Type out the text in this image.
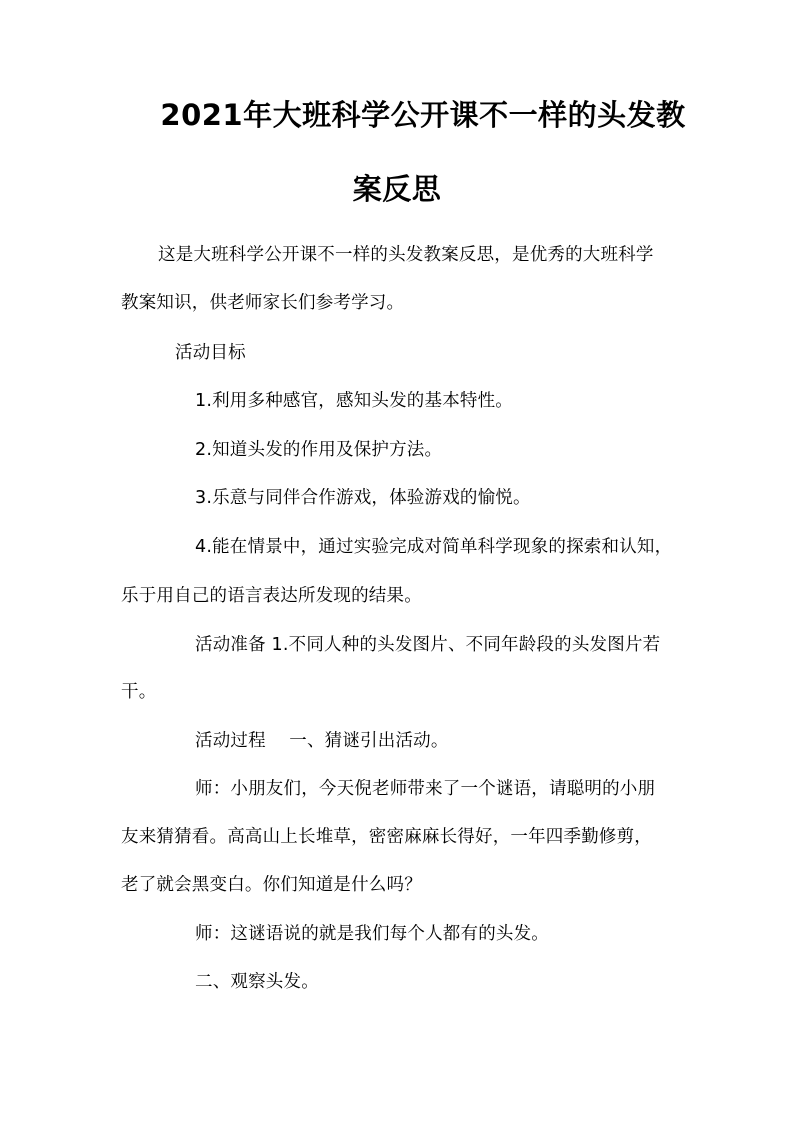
2021年大班科学公开课不一样的头发教
案反思
这是大班科学公开课不一样的头发教案反思，是优秀的大班科学
教案知识，供老师家长们参考学习。
活动目标
1.利用多种感官，感知头发的基本特性。
2.知道头发的作用及保护方法。
3.乐意与同伴合作游戏，体验游戏的愉悦。
4.能在情景中，通过实验完成对简单科学现象的探索和认知，
乐于用自己的语言表达所发现的结果。
活动准备 1.不同人种的头发图片、不同年龄段的头发图片若
干。
活动过程　 一、猜谜引出活动。
师：小朋友们，今天倪老师带来了一个谜语，请聪明的小朋
友来猜猜看。高高山上长堆草，密密麻麻长得好，一年四季勤修剪，
老了就会黑变白。你们知道是什么吗？
师：这谜语说的就是我们每个人都有的头发。
二、观察头发。
